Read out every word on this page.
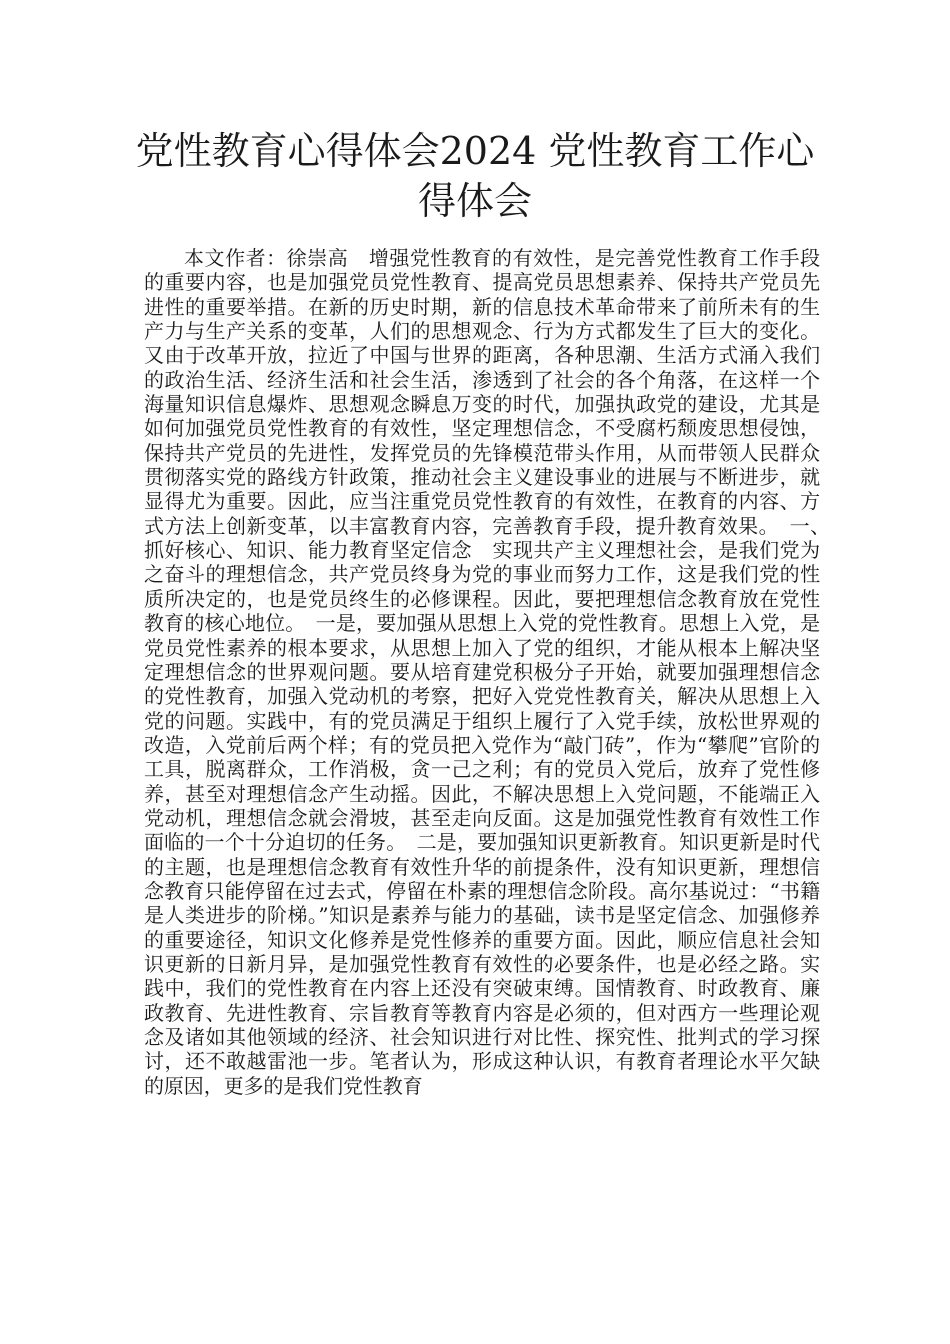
党性教育心得体会2024 党性教育工作心得体会

本文作者：徐崇高　增强党性教育的有效性，是完善党性教育工作手段的重要内容，也是加强党员党性教育、提高党员思想素养、保持共产党员先进性的重要举措。在新的历史时期，新的信息技术革命带来了前所未有的生产力与生产关系的变革，人们的思想观念、行为方式都发生了巨大的变化。又由于改革开放，拉近了中国与世界的距离，各种思潮、生活方式涌入我们的政治生活、经济生活和社会生活，渗透到了社会的各个角落，在这样一个海量知识信息爆炸、思想观念瞬息万变的时代，加强执政党的建设，尤其是如何加强党员党性教育的有效性，坚定理想信念，不受腐朽颓废思想侵蚀，保持共产党员的先进性，发挥党员的先锋模范带头作用，从而带领人民群众贯彻落实党的路线方针政策，推动社会主义建设事业的进展与不断进步，就显得尤为重要。因此，应当注重党员党性教育的有效性，在教育的内容、方式方法上创新变革，以丰富教育内容，完善教育手段，提升教育效果。　一、　抓好核心、知识、能力教育坚定信念　实现共产主义理想社会，是我们党为之奋斗的理想信念，共产党员终身为党的事业而努力工作，这是我们党的性质所决定的，也是党员终生的必修课程。因此，要把理想信念教育放在党性教育的核心地位。　一是，要加强从思想上入党的党性教育。思想上入党，是党员党性素养的根本要求，从思想上加入了党的组织，才能从根本上解决坚定理想信念的世界观问题。要从培育建党积极分子开始，就要加强理想信念的党性教育，加强入党动机的考察，把好入党党性教育关，解决从思想上入党的问题。实践中，有的党员满足于组织上履行了入党手续，放松世界观的改造，入党前后两个样；有的党员把入党作为“敲门砖”，作为“攀爬”官阶的工具，脱离群众，工作消极，贪一己之利；有的党员入党后，放弃了党性修养，甚至对理想信念产生动摇。因此，不解决思想上入党问题，不能端正入党动机，理想信念就会滑坡，甚至走向反面。这是加强党性教育有效性工作面临的一个十分迫切的任务。　二是，要加强知识更新教育。知识更新是时代的主题，也是理想信念教育有效性升华的前提条件，没有知识更新，理想信念教育只能停留在过去式，停留在朴素的理想信念阶段。高尔基说过：“书籍是人类进步的阶梯。”知识是素养与能力的基础，读书是坚定信念、加强修养的重要途径，知识文化修养是党性修养的重要方面。因此，顺应信息社会知识更新的日新月异，是加强党性教育有效性的必要条件，也是必经之路。实践中，我们的党性教育在内容上还没有突破束缚。国情教育、时政教育、廉政教育、先进性教育、宗旨教育等教育内容是必须的，但对西方一些理论观念及诸如其他领域的经济、社会知识进行对比性、探究性、批判式的学习探讨，还不敢越雷池一步。笔者认为，形成这种认识，有教育者理论水平欠缺的原因，更多的是我们党性教育
